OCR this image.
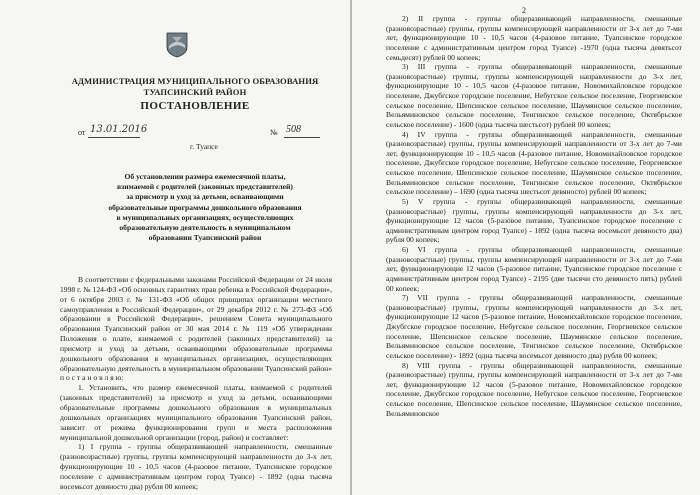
АДМИНИСТРАЦИЯ МУНИЦИПАЛЬНОГО ОБРАЗОВАНИЯ
ТУАПСИНСКИЙ РАЙОН
ПОСТАНОВЛЕНИЕ
от 13.01.2016	№ 508
г. Туапсе
Об установлении размера ежемесячной платы,
взимаемой с родителей (законных представителей)
за присмотр и уход за детьми, осваивающими
образовательные программы дошкольного образования
в муниципальных организациях, осуществляющих
образовательную деятельность в муниципальном
образовании Туапсинский район

В соответствии с федеральными законами Российской Федерации от 24 июля 1998 г. № 124-ФЗ «Об основных гарантиях прав ребенка в Российской Федерации», от 6 октября 2003 г. № 131-ФЗ «Об общих принципах организации местного самоуправления в Российской Федерации», от 29 декабря 2012 г. № 273-ФЗ «Об образовании в Российской Федерации», решением Совета муниципального образования Туапсинский район от 30 мая 2014 г. № 119 «Об утверждении Положения о плате, взимаемой с родителей (законных представителей) за присмотр и уход за детьми, осваивающими образовательные программы дошкольного образования в муниципальных организациях, осуществляющих образовательную деятельность в муниципальном образовании Туапсинский район» п о с т а н о в л я ю:

1. Установить, что размер ежемесячной платы, взимаемой с родителей (законных представителей) за присмотр и уход за детьми, осваивающими образовательные программы дошкольного образования в муниципальных дошкольных организациях муниципального образования Туапсинский район, зависит от режима функционирования групп и места расположения муниципальной дошкольной организации (город, район) и составляет:

1) I группа - группы общеразвивающей направленности, смешанные (разновозрастные) группы, группы компенсирующей направленности до 3-х лет, функционирующие 10 - 10,5 часов (4-разовое питание, Туапсинское городское поселение с административным центром город Туапсе) - 1892 (одна тысяча восемьсот девяносто два) рубля 00 копеек;

2

2) II группа - группы общеразвивающей направленности, смешанные (разновозрастные) группы, группы компенсирующей направленности от 3-х лет до 7-ми лет, функционирующие 10 - 10,5 часов (4-разовое питание, Туапсинское городское поселение с административным центром город Туапсе) -1970 (одна тысяча девятьсот семьдесят) рублей 00 копеек;

3) III группа - группы общеразвивающей направленности, смешанные (разновозрастные) группы, группы компенсирующей направленности до 3-х лет, функционирующие 10 - 10,5 часов (4-разовое питание, Новомихайловское городское поселение, Джубгское городское поселение, Небугское сельское поселение, Георгиевское сельское поселение, Шепсинское сельское поселение, Шаумянское сельское поселение, Вельяминовское сельское поселение, Тенгинское сельское поселение, Октябрьское сельское поселение) - 1600 (одна тысяча шестьсот) рублей 00 копеек;

4) IV группа - группы общеразвивающей направленности, смешанные (разновозрастные) группы, группы компенсирующей направленности от 3-х лет до 7-ми лет, функционирующие 10 - 10,5 часов (4-разовое питание, Новомихайловское городское поселение, Джубгское городское поселение, Небугское сельское поселение, Георгиевское сельское поселение, Шепсинское сельское поселение, Шаумянское сельское поселение, Вельяминовское сельское поселение, Тенгинское сельское поселение, Октябрьское сельское поселение) – 1690 (одна тысяча шестьсот девяносто) рублей 00 копеек;

5) V группа - группы общеразвивающей направленности, смешанные (разновозрастные) группы, группы компенсирующей направленности до 3-х лет, функционирующие 12 часов (5-разовое питание, Туапсинское городское поселение с административным центром город Туапсе) - 1892 (одна тысяча восемьсот девяносто два) рубля 00 копеек;

6) VI группа - группы общеразвивающей направленности, смешанные (разновозрастные) группы, группы компенсирующей направленности от 3-х лет до 7-ми лет, функционирующие 12 часов (5-разовое питание, Туапсинское городское поселение с административным центром город Туапсе) - 2195 (две тысячи сто девяносто пять) рублей 00 копеек;

7) VII группа - группы общеразвивающей направленности, смешанные (разновозрастные) группы, группы компенсирующей направленности до 3-х лет, функционирующие 12 часов (5-разовое питание, Новомихайловское городское поселение, Джубгское городское поселение, Небугское сельское поселение, Георгиевское сельское поселение, Шепсинское сельское поселение, Шаумянское сельское поселение, Вельяминовское сельское поселение, Тенгинское сельское поселение, Октябрьское сельское поселение) - 1892 (одна тысяча восемьсот девяносто два) рубля 00 копеек;

8) VIII группа - группы общеразвивающей направленности, смешанные (разновозрастные) группы, группы компенсирующей направленности от 3-х лет до 7-ми лет, функционирующие 12 часов (5-разовое питание, Новомихайловское городское поселение, Джубгское городское поселение, Небугское сельское поселение, Георгиевское сельское поселение, Шепсинское сельское поселение, Шаумянское сельское поселение, Вельяминовское
